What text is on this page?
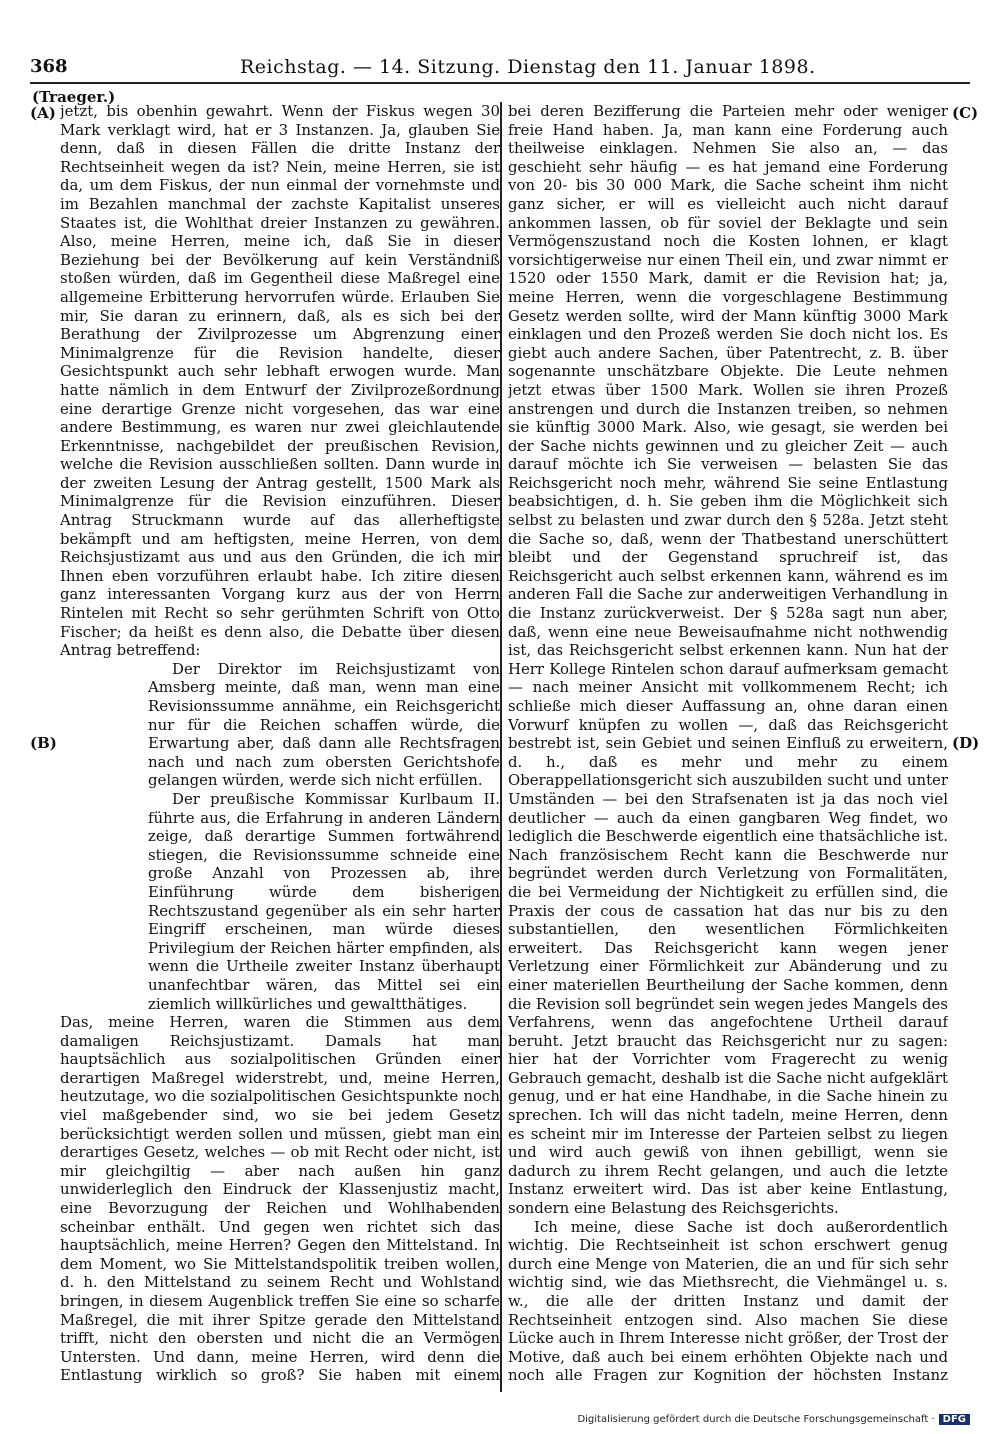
368	Reichstag. — 14. Sitzung. Dienstag den 11. Januar 1898.
(Traeger.)
(A)
(B)
(C)
(D)

jetzt, bis obenhin gewahrt. Wenn der Fiskus wegen 30 Mark verklagt wird, hat er 3 Instanzen. Ja, glauben Sie denn, daß in diesen Fällen die dritte Instanz der Rechtseinheit wegen da ist? Nein, meine Herren, sie ist da, um dem Fiskus, der nun einmal der vornehmste und im Bezahlen manchmal der zachste Kapitalist unseres Staates ist, die Wohlthat dreier Instanzen zu gewähren. Also, meine Herren, meine ich, daß Sie in dieser Beziehung bei der Bevölkerung auf kein Verständniß stoßen würden, daß im Gegentheil diese Maßregel eine allgemeine Erbitterung hervorrufen würde. Erlauben Sie mir, Sie daran zu erinnern, daß, als es sich bei der Berathung der Zivilprozesse um Abgrenzung einer Minimalgrenze für die Revision handelte, dieser Gesichtspunkt auch sehr lebhaft erwogen wurde. Man hatte nämlich in dem Entwurf der Zivilprozeßordnung eine derartige Grenze nicht vorgesehen, das war eine andere Bestimmung, es waren nur zwei gleichlautende Erkenntnisse, nachgebildet der preußischen Revision, welche die Revision ausschließen sollten. Dann wurde in der zweiten Lesung der Antrag gestellt, 1500 Mark als Minimalgrenze für die Revision einzuführen. Dieser Antrag Struckmann wurde auf das allerheftigste bekämpft und am heftigsten, meine Herren, von dem Reichsjustizamt aus und aus den Gründen, die ich mir Ihnen eben vorzuführen erlaubt habe. Ich zitire diesen ganz interessanten Vorgang kurz aus der von Herrn Rintelen mit Recht so sehr gerühmten Schrift von Otto Fischer; da heißt es denn also, die Debatte über diesen Antrag betreffend:

Der Direktor im Reichsjustizamt von Amsberg meinte, daß man, wenn man eine Revisionssumme annähme, ein Reichsgericht nur für die Reichen schaffen würde, die Erwartung aber, daß dann alle Rechtsfragen nach und nach zum obersten Gerichtshofe gelangen würden, werde sich nicht erfüllen.

Der preußische Kommissar Kurlbaum II. führte aus, die Erfahrung in anderen Ländern zeige, daß derartige Summen fortwährend stiegen, die Revisionssumme schneide eine große Anzahl von Prozessen ab, ihre Einführung würde dem bisherigen Rechtszustand gegenüber als ein sehr harter Eingriff erscheinen, man würde dieses Privilegium der Reichen härter empfinden, als wenn die Urtheile zweiter Instanz überhaupt unanfechtbar wären, das Mittel sei ein ziemlich willkürliches und gewaltthätiges.

Das, meine Herren, waren die Stimmen aus dem damaligen Reichsjustizamt. Damals hat man hauptsächlich aus sozialpolitischen Gründen einer derartigen Maßregel widerstrebt, und, meine Herren, heutzutage, wo die sozialpolitischen Gesichtspunkte noch viel maßgebender sind, wo sie bei jedem Gesetz berücksichtigt werden sollen und müssen, giebt man ein derartiges Gesetz, welches — ob mit Recht oder nicht, ist mir gleichgiltig — aber nach außen hin ganz unwiderleglich den Eindruck der Klassenjustiz macht, eine Bevorzugung der Reichen und Wohlhabenden scheinbar enthält. Und gegen wen richtet sich das hauptsächlich, meine Herren? Gegen den Mittelstand. In dem Moment, wo Sie Mittelstandspolitik treiben wollen, d. h. den Mittelstand zu seinem Recht und Wohlstand bringen, in diesem Augenblick treffen Sie eine so scharfe Maßregel, die mit ihrer Spitze gerade den Mittelstand trifft, nicht den obersten und nicht die an Vermögen Untersten. Und dann, meine Herren, wird denn die Entlastung wirklich so groß? Sie haben mit einem

bei deren Bezifferung die Parteien mehr oder weniger freie Hand haben. Ja, man kann eine Forderung auch theilweise einklagen. Nehmen Sie also an, — das geschieht sehr häufig — es hat jemand eine Forderung von 20- bis 30 000 Mark, die Sache scheint ihm nicht ganz sicher, er will es vielleicht auch nicht darauf ankommen lassen, ob für soviel der Beklagte und sein Vermögenszustand noch die Kosten lohnen, er klagt vorsichtigerweise nur einen Theil ein, und zwar nimmt er 1520 oder 1550 Mark, damit er die Revision hat; ja, meine Herren, wenn die vorgeschlagene Bestimmung Gesetz werden sollte, wird der Mann künftig 3000 Mark einklagen und den Prozeß werden Sie doch nicht los. Es giebt auch andere Sachen, über Patentrecht, z. B. über sogenannte unschätzbare Objekte. Die Leute nehmen jetzt etwas über 1500 Mark. Wollen sie ihren Prozeß anstrengen und durch die Instanzen treiben, so nehmen sie künftig 3000 Mark. Also, wie gesagt, sie werden bei der Sache nichts gewinnen und zu gleicher Zeit — auch darauf möchte ich Sie verweisen — belasten Sie das Reichsgericht noch mehr, während Sie seine Entlastung beabsichtigen, d. h. Sie geben ihm die Möglichkeit sich selbst zu belasten und zwar durch den § 528a. Jetzt steht die Sache so, daß, wenn der Thatbestand unerschüttert bleibt und der Gegenstand spruchreif ist, das Reichsgericht auch selbst erkennen kann, während es im anderen Fall die Sache zur anderweitigen Verhandlung in die Instanz zurückverweist. Der § 528a sagt nun aber, daß, wenn eine neue Beweisaufnahme nicht nothwendig ist, das Reichsgericht selbst erkennen kann. Nun hat der Herr Kollege Rintelen schon darauf aufmerksam gemacht — nach meiner Ansicht mit vollkommenem Recht; ich schließe mich dieser Auffassung an, ohne daran einen Vorwurf knüpfen zu wollen —, daß das Reichsgericht bestrebt ist, sein Gebiet und seinen Einfluß zu erweitern, d. h., daß es mehr und mehr zu einem Oberappellationsgericht sich auszubilden sucht und unter Umständen — bei den Strafsenaten ist ja das noch viel deutlicher — auch da einen gangbaren Weg findet, wo lediglich die Beschwerde eigentlich eine thatsächliche ist. Nach französischem Recht kann die Beschwerde nur begründet werden durch Verletzung von Formalitäten, die bei Vermeidung der Nichtigkeit zu erfüllen sind, die Praxis der cous de cassation hat das nur bis zu den substantiellen, den wesentlichen Förmlichkeiten erweitert. Das Reichsgericht kann wegen jener Verletzung einer Förmlichkeit zur Abänderung und zu einer materiellen Beurtheilung der Sache kommen, denn die Revision soll begründet sein wegen jedes Mangels des Verfahrens, wenn das angefochtene Urtheil darauf beruht. Jetzt braucht das Reichsgericht nur zu sagen: hier hat der Vorrichter vom Fragerecht zu wenig Gebrauch gemacht, deshalb ist die Sache nicht aufgeklärt genug, und er hat eine Handhabe, in die Sache hinein zu sprechen. Ich will das nicht tadeln, meine Herren, denn es scheint mir im Interesse der Parteien selbst zu liegen und wird auch gewiß von ihnen gebilligt, wenn sie dadurch zu ihrem Recht gelangen, und auch die letzte Instanz erweitert wird. Das ist aber keine Entlastung, sondern eine Belastung des Reichsgerichts.

Ich meine, diese Sache ist doch außerordentlich wichtig. Die Rechtseinheit ist schon erschwert genug durch eine Menge von Materien, die an und für sich sehr wichtig sind, wie das Miethsrecht, die Viehmängel u. s. w., die alle der dritten Instanz und damit der Rechtseinheit entzogen sind. Also machen Sie diese Lücke auch in Ihrem Interesse nicht größer, der Trost der Motive, daß auch bei einem erhöhten Objekte nach und noch alle Fragen zur Kognition der höchsten Instanz

Digitalisierung gefördert durch die Deutsche Forschungsgemeinschaft · DFG
